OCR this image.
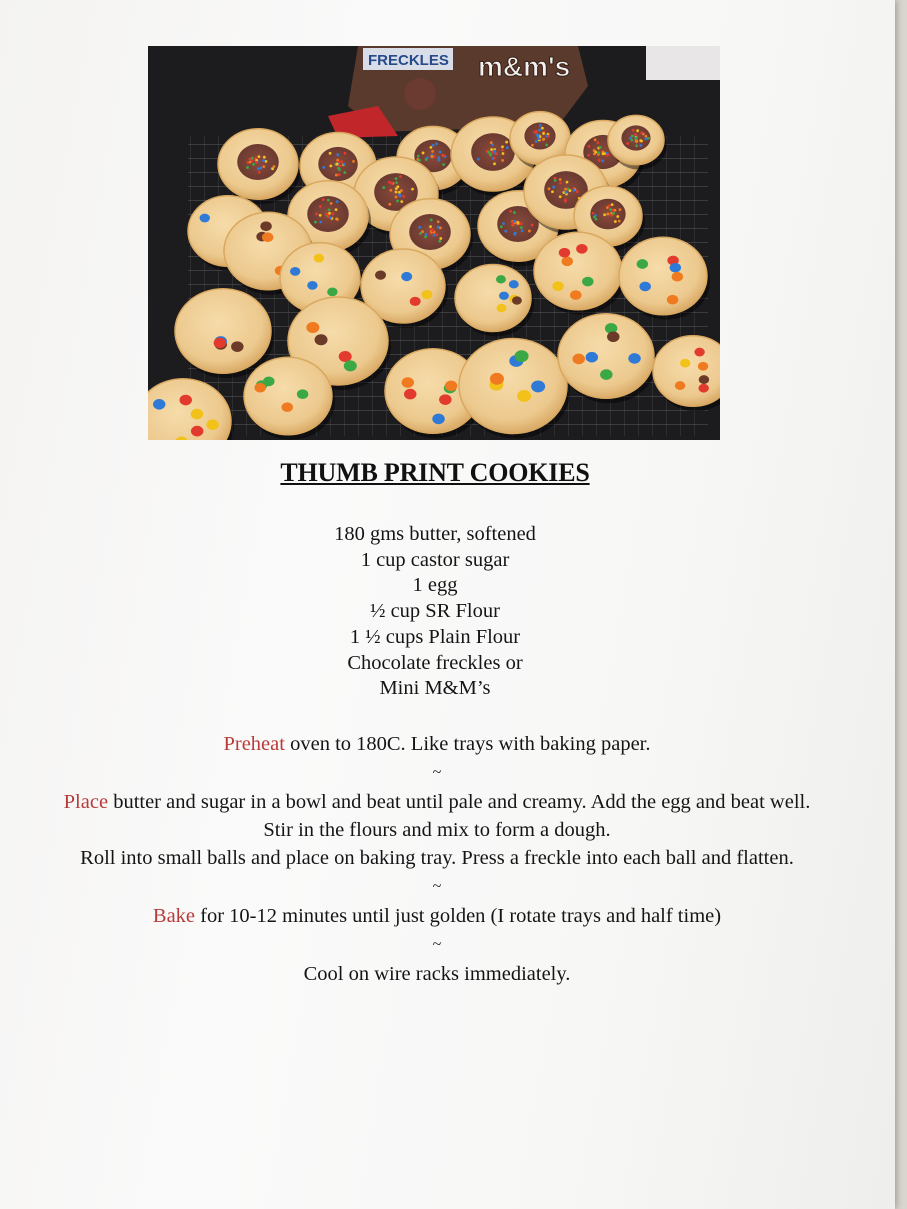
FRECKLES m&m's
THUMB PRINT COOKIES
180 gms butter, softened
1 cup castor sugar
1 egg
½ cup SR Flour
1 ½ cups Plain Flour
Chocolate freckles or
Mini M&M’s

Preheat oven to 180C. Like trays with baking paper.

~

Place butter and sugar in a bowl and beat until pale and creamy. Add the egg and beat well. Stir in the flours and mix to form a dough.

Roll into small balls and place on baking tray. Press a freckle into each ball and flatten.

~

Bake for 10-12 minutes until just golden (I rotate trays and half time)

~

Cool on wire racks immediately.
